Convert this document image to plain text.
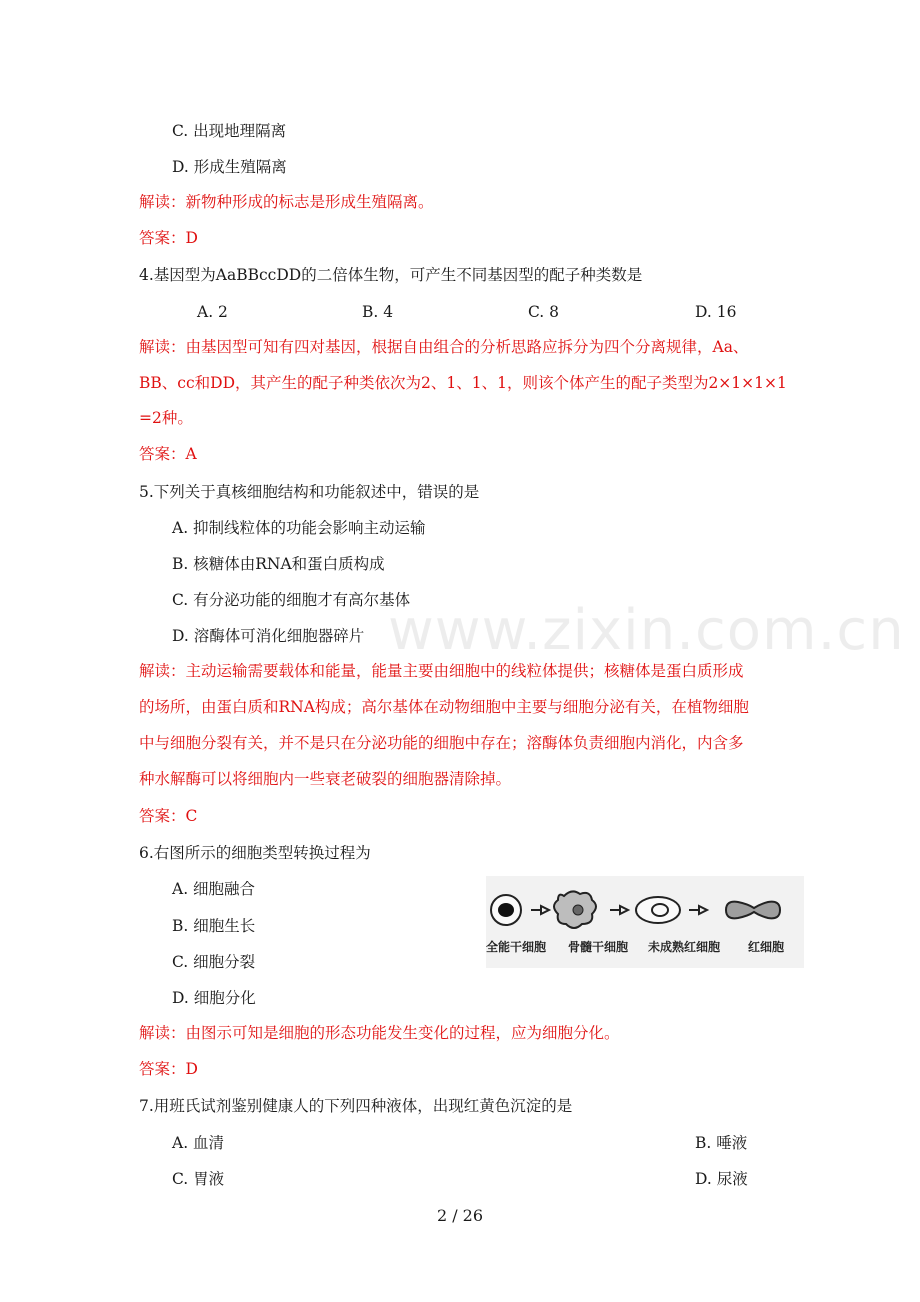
www.zixin.com.cn
C. 出现地理隔离
D. 形成生殖隔离
解读：新物种形成的标志是形成生殖隔离。
答案：D
4.基因型为AaBBccDD的二倍体生物，可产生不同基因型的配子种类数是
A. 2	B. 4	C. 8	D. 16
解读：由基因型可知有四对基因，根据自由组合的分析思路应拆分为四个分离规律，Aa、
BB、cc和DD，其产生的配子种类依次为2、1、1、1，则该个体产生的配子类型为2×1×1×1
=2种。
答案：A
5.下列关于真核细胞结构和功能叙述中，错误的是
A. 抑制线粒体的功能会影响主动运输
B. 核糖体由RNA和蛋白质构成
C. 有分泌功能的细胞才有高尔基体
D. 溶酶体可消化细胞器碎片
解读：主动运输需要载体和能量，能量主要由细胞中的线粒体提供；核糖体是蛋白质形成
的场所，由蛋白质和RNA构成；高尔基体在动物细胞中主要与细胞分泌有关，在植物细胞
中与细胞分裂有关，并不是只在分泌功能的细胞中存在；溶酶体负责细胞内消化，内含多
种水解酶可以将细胞内一些衰老破裂的细胞器清除掉。
答案：C
6.右图所示的细胞类型转换过程为
A. 细胞融合
B. 细胞生长
C. 细胞分裂
D. 细胞分化
全能干细胞 骨髓干细胞 未成熟红细胞 红细胞
解读：由图示可知是细胞的形态功能发生变化的过程，应为细胞分化。
答案：D
7.用班氏试剂鉴别健康人的下列四种液体，出现红黄色沉淀的是
A. 血清	B. 唾液
C. 胃液	D. 尿液
2 / 26
